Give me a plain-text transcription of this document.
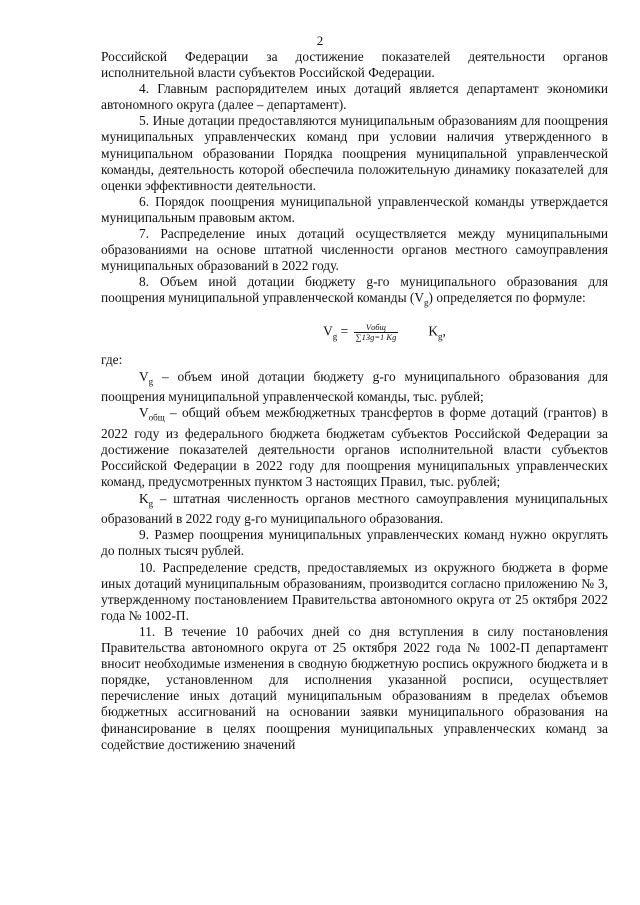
2

Российской Федерации за достижение показателей деятельности органов исполнительной власти субъектов Российской Федерации.

4. Главным распорядителем иных дотаций является департамент экономики автономного округа (далее – департамент).

5. Иные дотации предоставляются муниципальным образованиям для поощрения муниципальных управленческих команд при условии наличия утвержденного в муниципальном образовании Порядка поощрения муниципальной управленческой команды, деятельность которой обеспечила положительную динамику показателей для оценки эффективности деятельности.

6. Порядок поощрения муниципальной управленческой команды утверждается муниципальным правовым актом.

7. Распределение иных дотаций осуществляется между муниципальными образованиями на основе штатной численности органов местного самоуправления муниципальных образований в 2022 году.

8. Объем иной дотации бюджету g-го муниципального образования для поощрения муниципальной управленческой команды $(V_g)$ определяется по формуле:

$V_g = \frac{\text{Vобщ}}{\sum 13g=1 Kg} K_g$,

где:

$V_g$ – объем иной дотации бюджету g-го муниципального образования для поощрения муниципальной управленческой команды, тыс. рублей;

$V_{общ}$ – общий объем межбюджетных трансфертов в форме дотаций (грантов) в 2022 году из федерального бюджета бюджетам субъектов Российской Федерации за достижение показателей деятельности органов исполнительной власти субъектов Российской Федерации в 2022 году для поощрения муниципальных управленческих команд, предусмотренных пунктом 3 настоящих Правил, тыс. рублей;

$K_g$ – штатная численность органов местного самоуправления муниципальных образований в 2022 году g-го муниципального образования.

9. Размер поощрения муниципальных управленческих команд нужно округлять до полных тысяч рублей.

10. Распределение средств, предоставляемых из окружного бюджета в форме иных дотаций муниципальным образованиям, производится согласно приложению № 3, утвержденному постановлением Правительства автономного округа от 25 октября 2022 года № 1002-П.

11. В течение 10 рабочих дней со дня вступления в силу постановления Правительства автономного округа от 25 октября 2022 года № 1002-П департамент вносит необходимые изменения в сводную бюджетную роспись окружного бюджета и в порядке, установленном для исполнения указанной росписи, осуществляет перечисление иных дотаций муниципальным образованиям в пределах объемов бюджетных ассигнований на основании заявки муниципального образования на финансирование в целях поощрения муниципальных управленческих команд за содействие достижению значений
